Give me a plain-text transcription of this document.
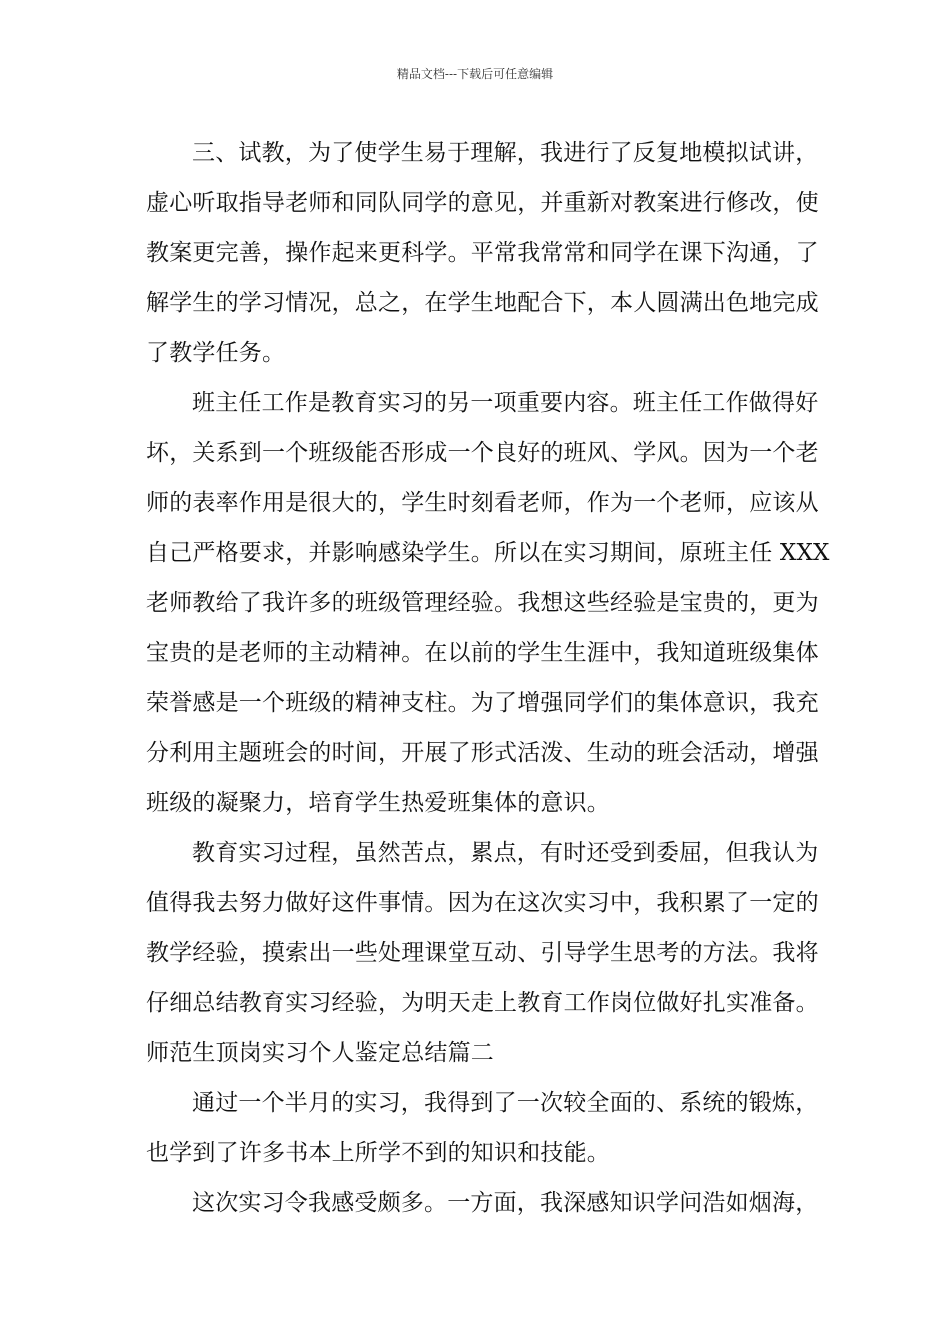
精品文档---下载后可任意编辑
三、试教，为了使学生易于理解，我进行了反复地模拟试讲，
虚心听取指导老师和同队同学的意见，并重新对教案进行修改，使
教案更完善，操作起来更科学。平常我常常和同学在课下沟通，了
解学生的学习情况，总之，在学生地配合下，本人圆满出色地完成
了教学任务。
班主任工作是教育实习的另一项重要内容。班主任工作做得好
坏，关系到一个班级能否形成一个良好的班风、学风。因为一个老
师的表率作用是很大的，学生时刻看老师，作为一个老师，应该从
自己严格要求，并影响感染学生。所以在实习期间，原班主任 XXX
老师教给了我许多的班级管理经验。我想这些经验是宝贵的，更为
宝贵的是老师的主动精神。在以前的学生生涯中，我知道班级集体
荣誉感是一个班级的精神支柱。为了增强同学们的集体意识，我充
分利用主题班会的时间，开展了形式活泼、生动的班会活动，增强
班级的凝聚力，培育学生热爱班集体的意识。
教育实习过程，虽然苦点，累点，有时还受到委屈，但我认为
值得我去努力做好这件事情。因为在这次实习中，我积累了一定的
教学经验，摸索出一些处理课堂互动、引导学生思考的方法。我将
仔细总结教育实习经验，为明天走上教育工作岗位做好扎实准备。
师范生顶岗实习个人鉴定总结篇二
通过一个半月的实习，我得到了一次较全面的、系统的锻炼，
也学到了许多书本上所学不到的知识和技能。
这次实习令我感受颇多。一方面，我深感知识学问浩如烟海，
